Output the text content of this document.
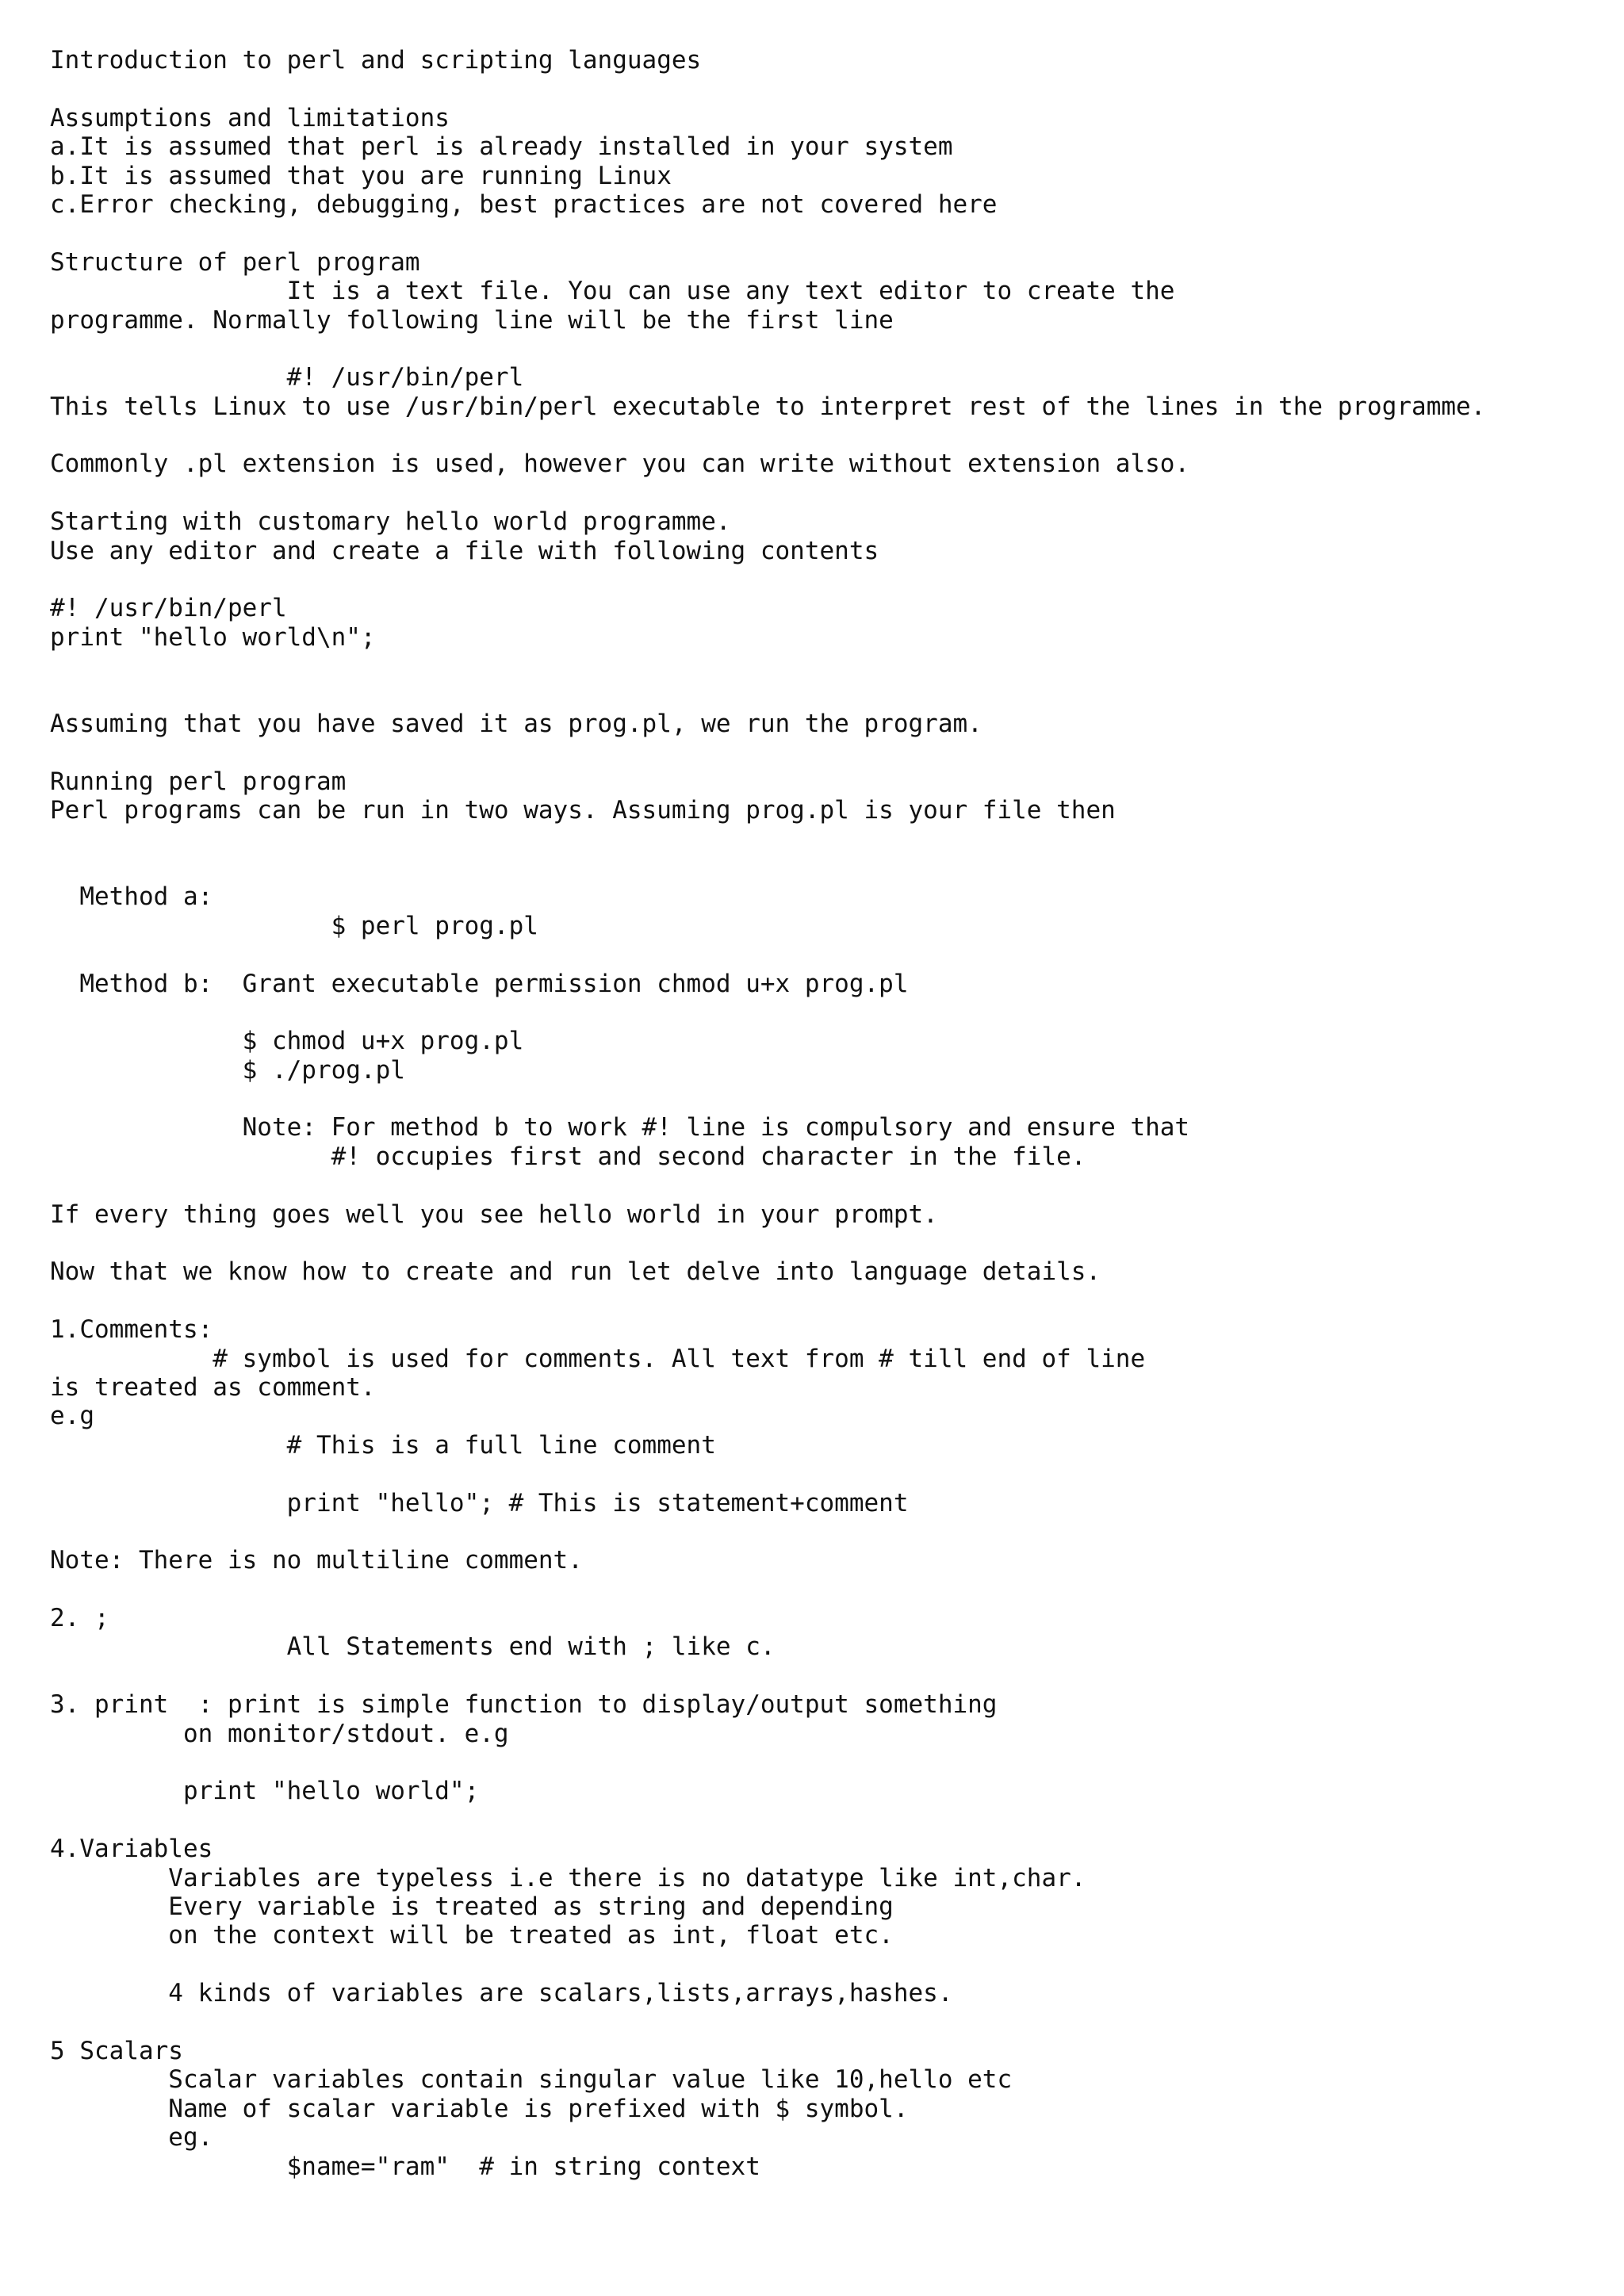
Introduction to perl and scripting languages
Assumptions and limitations
a.It is assumed that perl is already installed in your system
b.It is assumed that you are running Linux
c.Error checking, debugging, best practices are not covered here
Structure of perl program
It is a text file. You can use any text editor to create the
programme. Normally following line will be the first line
#! /usr/bin/perl
This tells Linux to use /usr/bin/perl executable to interpret rest of the lines in the programme.
Commonly .pl extension is used, however you can write without extension also.
Starting with customary hello world programme.
Use any editor and create a file with following contents
#! /usr/bin/perl
print "hello world\n";
Assuming that you have saved it as prog.pl, we run the program.
Running perl program
Perl programs can be run in two ways. Assuming prog.pl is your file then
Method a:
$ perl prog.pl
Method b:  Grant executable permission chmod u+x prog.pl
$ chmod u+x prog.pl
$ ./prog.pl
Note: For method b to work #! line is compulsory and ensure that
#! occupies first and second character in the file.
If every thing goes well you see hello world in your prompt.
Now that we know how to create and run let delve into language details.
1.Comments:
# symbol is used for comments. All text from # till end of line
is treated as comment.
e.g
# This is a full line comment
print "hello"; # This is statement+comment
Note: There is no multiline comment.
2. ;
All Statements end with ; like c.
3. print  : print is simple function to display/output something
on monitor/stdout. e.g
print "hello world";
4.Variables
Variables are typeless i.e there is no datatype like int,char.
Every variable is treated as string and depending
on the context will be treated as int, float etc.
4 kinds of variables are scalars,lists,arrays,hashes.
5 Scalars
Scalar variables contain singular value like 10,hello etc
Name of scalar variable is prefixed with $ symbol.
eg.
$name="ram"  # in string context
